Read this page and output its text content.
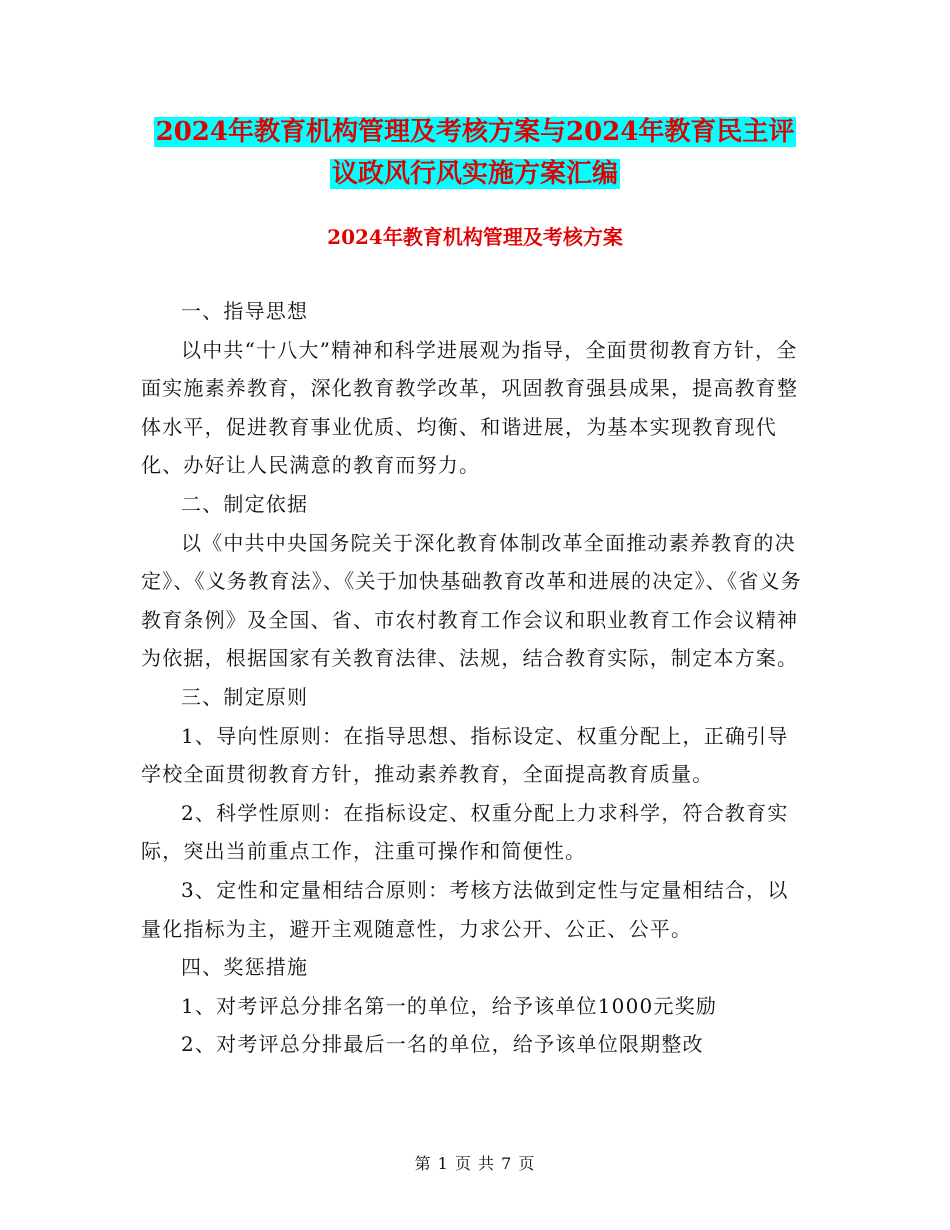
2024年教育机构管理及考核方案与2024年教育民主评
议政风行风实施方案汇编
2024年教育机构管理及考核方案

一、指导思想

以中共“十八大”精神和科学进展观为指导，全面贯彻教育方针，全面实施素养教育，深化教育教学改革，巩固教育强县成果，提高教育整体水平，促进教育事业优质、均衡、和谐进展，为基本实现教育现代化、办好让人民满意的教育而努力。

二、制定依据

以《中共中央国务院关于深化教育体制改革全面推动素养教育的决定》、《义务教育法》、《关于加快基础教育改革和进展的决定》、《省义务教育条例》及全国、省、市农村教育工作会议和职业教育工作会议精神为依据，根据国家有关教育法律、法规，结合教育实际，制定本方案。

三、制定原则

1、导向性原则：在指导思想、指标设定、权重分配上，正确引导学校全面贯彻教育方针，推动素养教育，全面提高教育质量。

2、科学性原则：在指标设定、权重分配上力求科学，符合教育实际，突出当前重点工作，注重可操作和简便性。

3、定性和定量相结合原则：考核方法做到定性与定量相结合，以量化指标为主，避开主观随意性，力求公开、公正、公平。

四、奖惩措施

1、对考评总分排名第一的单位，给予该单位1000元奖励

2、对考评总分排最后一名的单位，给予该单位限期整改

第 1 页 共 7 页
